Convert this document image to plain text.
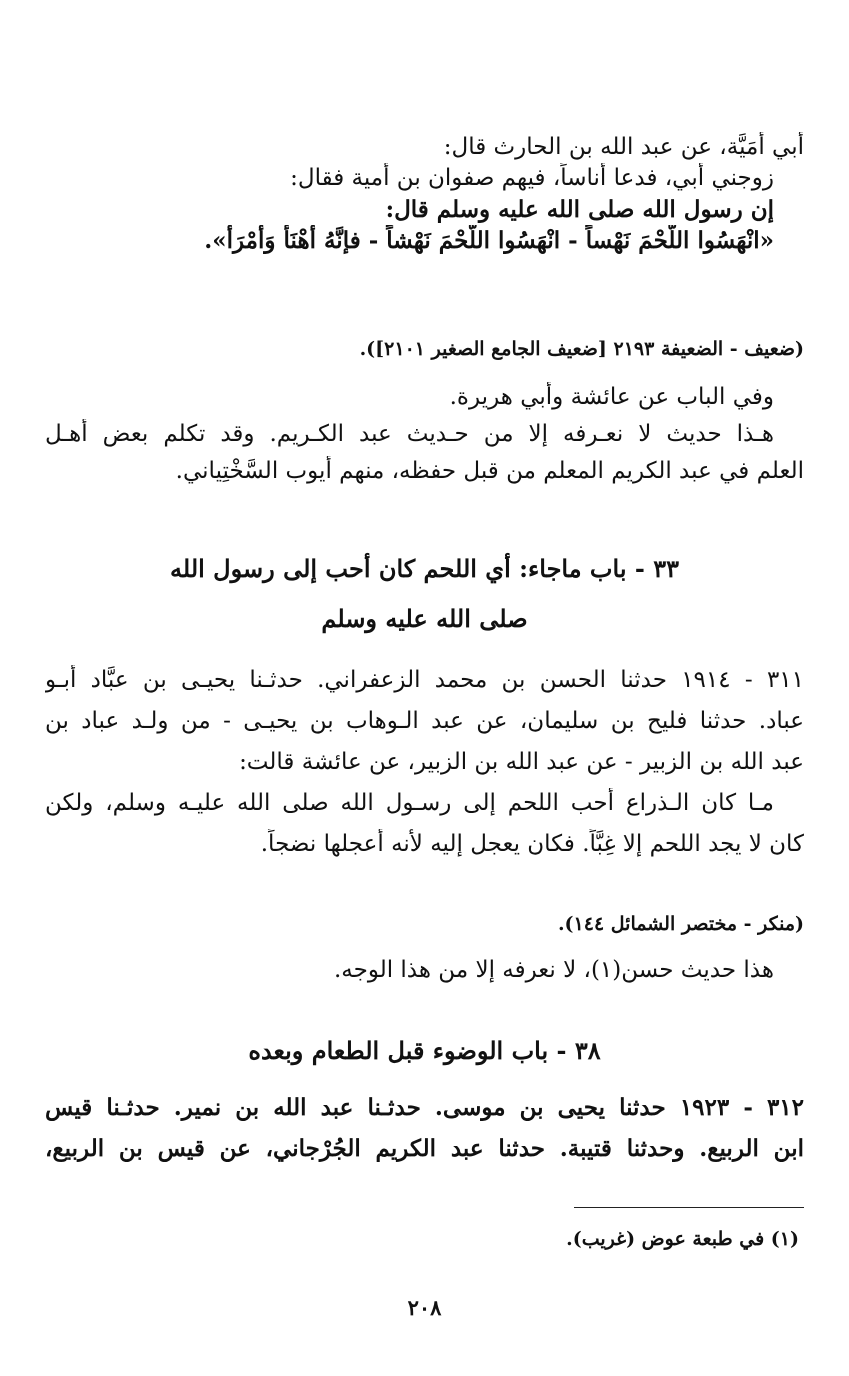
أبي أُمَيَّة، عن عبد الله بن الحارث قال:
زوجني أبي، فدعا أناساً، فيهم صفوان بن أمية فقال:
إن رسول الله صلى الله عليه وسلم قال:
«انْهَسُوا اللَّحْمَ نَهْساً - انْهَسُوا اللَّحْمَ نَهْشاً - فإنَّهُ أَهْنَأُ وَأَمْرَأُ».
(ضعيف - الضعيفة ٢١٩٣ [ضعيف الجامع الصغير ٢١٠١]).
وفي الباب عن عائشة وأبي هريرة.
هـذا حديث لا نعـرفه إلا من حـديث عبد الكـريم. وقد تكلم بعض أهـل
العلم في عبد الكريم المعلم من قبل حفظه، منهم أيوب السَّخْتِياني.
٣٣ - باب ماجاء: أي اللحم كان أحب إلى رسول الله
صلى الله عليه وسلم
٣١١ - ١٩١٤ حدثنا الحسن بن محمد الزعفراني. حدثـنا يحيـى بن عبَّاد أبـو
عباد. حدثنا فليح بن سليمان، عن عبد الـوهاب بن يحيـى - من ولـد عباد بن
عبد الله بن الزبير - عن عبد الله بن الزبير، عن عائشة قالت:
مـا كان الـذراع أحب اللحم إلى رسـول الله صلى الله عليـه وسلم، ولكن
كان لا يجد اللحم إلا غِبَّاً. فكان يعجل إليه لأنه أعجلها نضجاً.
(منكر - مختصر الشمائل ١٤٤).
هذا حديث حسن(١)، لا نعرفه إلا من هذا الوجه.
٣٨ - باب الوضوء قبل الطعام وبعده
٣١٢ - ١٩٢٣ حدثنا يحيى بن موسى. حدثـنا عبد الله بن نمير. حدثـنا قيس
ابن الربيع. وحدثنا قتيبة. حدثنا عبد الكريم الجُرْجاني، عن قيس بن الربيع،
(١) في طبعة عوض (غريب).
٢٠٨
